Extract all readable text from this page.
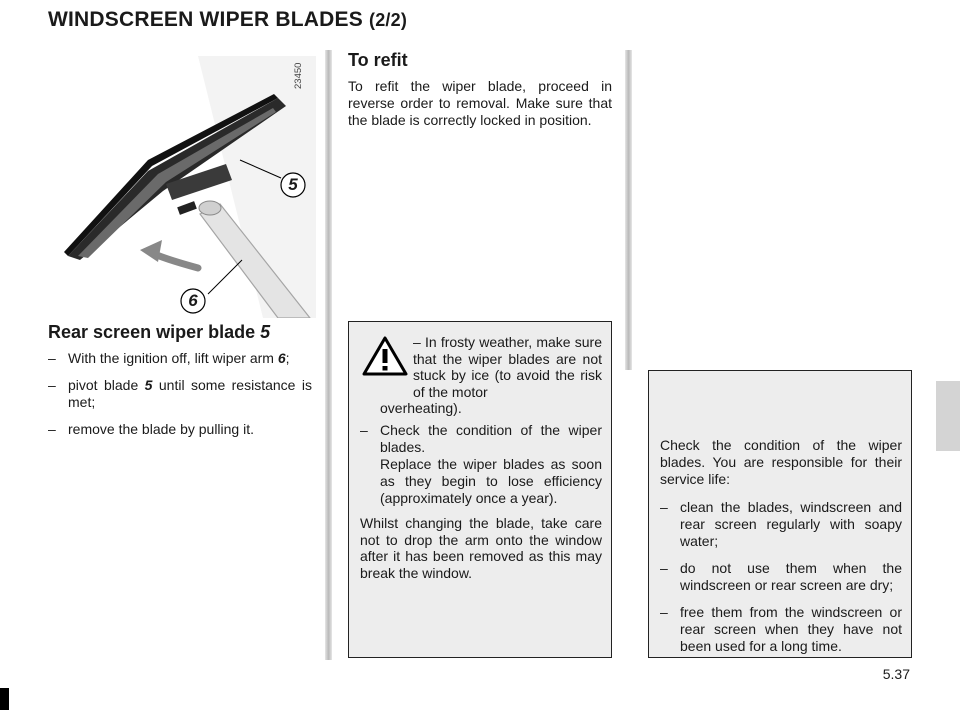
WINDSCREEN WIPER BLADES (2/2)
23450
5
6
Rear screen wiper blade 5
– With the ignition off, lift wiper arm 6;
– pivot blade 5 until some resistance is met;
– remove the blade by pulling it.
To refit

To refit the wiper blade, proceed in reverse order to removal. Make sure that the blade is correctly locked in position.

– In frosty weather, make sure that the wiper blades are not stuck by ice (to avoid the risk of the motor
overheating).
– Check the condition of the wiper blades.
Replace the wiper blades as soon as they begin to lose efficiency (approximately once a year).

Whilst changing the blade, take care not to drop the arm onto the window after it has been removed as this may break the window.

Check the condition of the wiper blades. You are responsible for their service life:

– clean the blades, windscreen and rear screen regularly with soapy water;
– do not use them when the windscreen or rear screen are dry;
– free them from the windscreen or rear screen when they have not been used for a long time.
5.37
